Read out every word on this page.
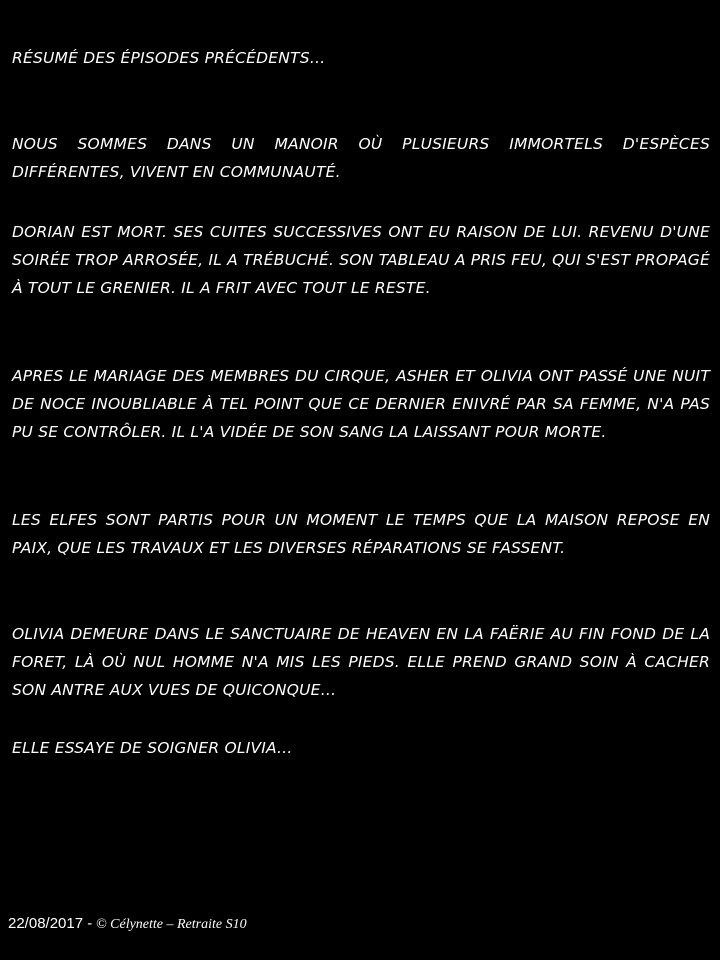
RÉSUMÉ DES ÉPISODES PRÉCÉDENTS…
NOUS SOMMES DANS UN MANOIR OÙ PLUSIEURS IMMORTELS D'ESPÈCES DIFFÉRENTES, VIVENT EN COMMUNAUTÉ.
DORIAN EST MORT. SES CUITES SUCCESSIVES ONT EU RAISON DE LUI. REVENU D'UNE SOIRÉE TROP ARROSÉE, IL A TRÉBUCHÉ. SON TABLEAU A PRIS FEU, QUI S'EST PROPAGÉ À TOUT LE GRENIER. IL A FRIT AVEC TOUT LE RESTE.
APRES LE MARIAGE DES MEMBRES DU CIRQUE, ASHER ET OLIVIA ONT PASSÉ UNE NUIT DE NOCE INOUBLIABLE À TEL POINT QUE CE DERNIER ENIVRÉ PAR SA FEMME, N'A PAS PU SE CONTRÔLER. IL L'A VIDÉE DE SON SANG LA LAISSANT POUR MORTE.
LES ELFES SONT PARTIS POUR UN MOMENT LE TEMPS QUE LA MAISON REPOSE EN PAIX, QUE LES TRAVAUX ET LES DIVERSES RÉPARATIONS SE FASSENT.
OLIVIA DEMEURE DANS LE SANCTUAIRE DE HEAVEN EN LA FAËRIE AU FIN FOND DE LA FORET, LÀ OÙ NUL HOMME N'A MIS LES PIEDS. ELLE PREND GRAND SOIN À CACHER SON ANTRE AUX VUES DE QUICONQUE…
ELLE ESSAYE DE SOIGNER OLIVIA…
22/08/2017 - © Célynette – Retraite S10
